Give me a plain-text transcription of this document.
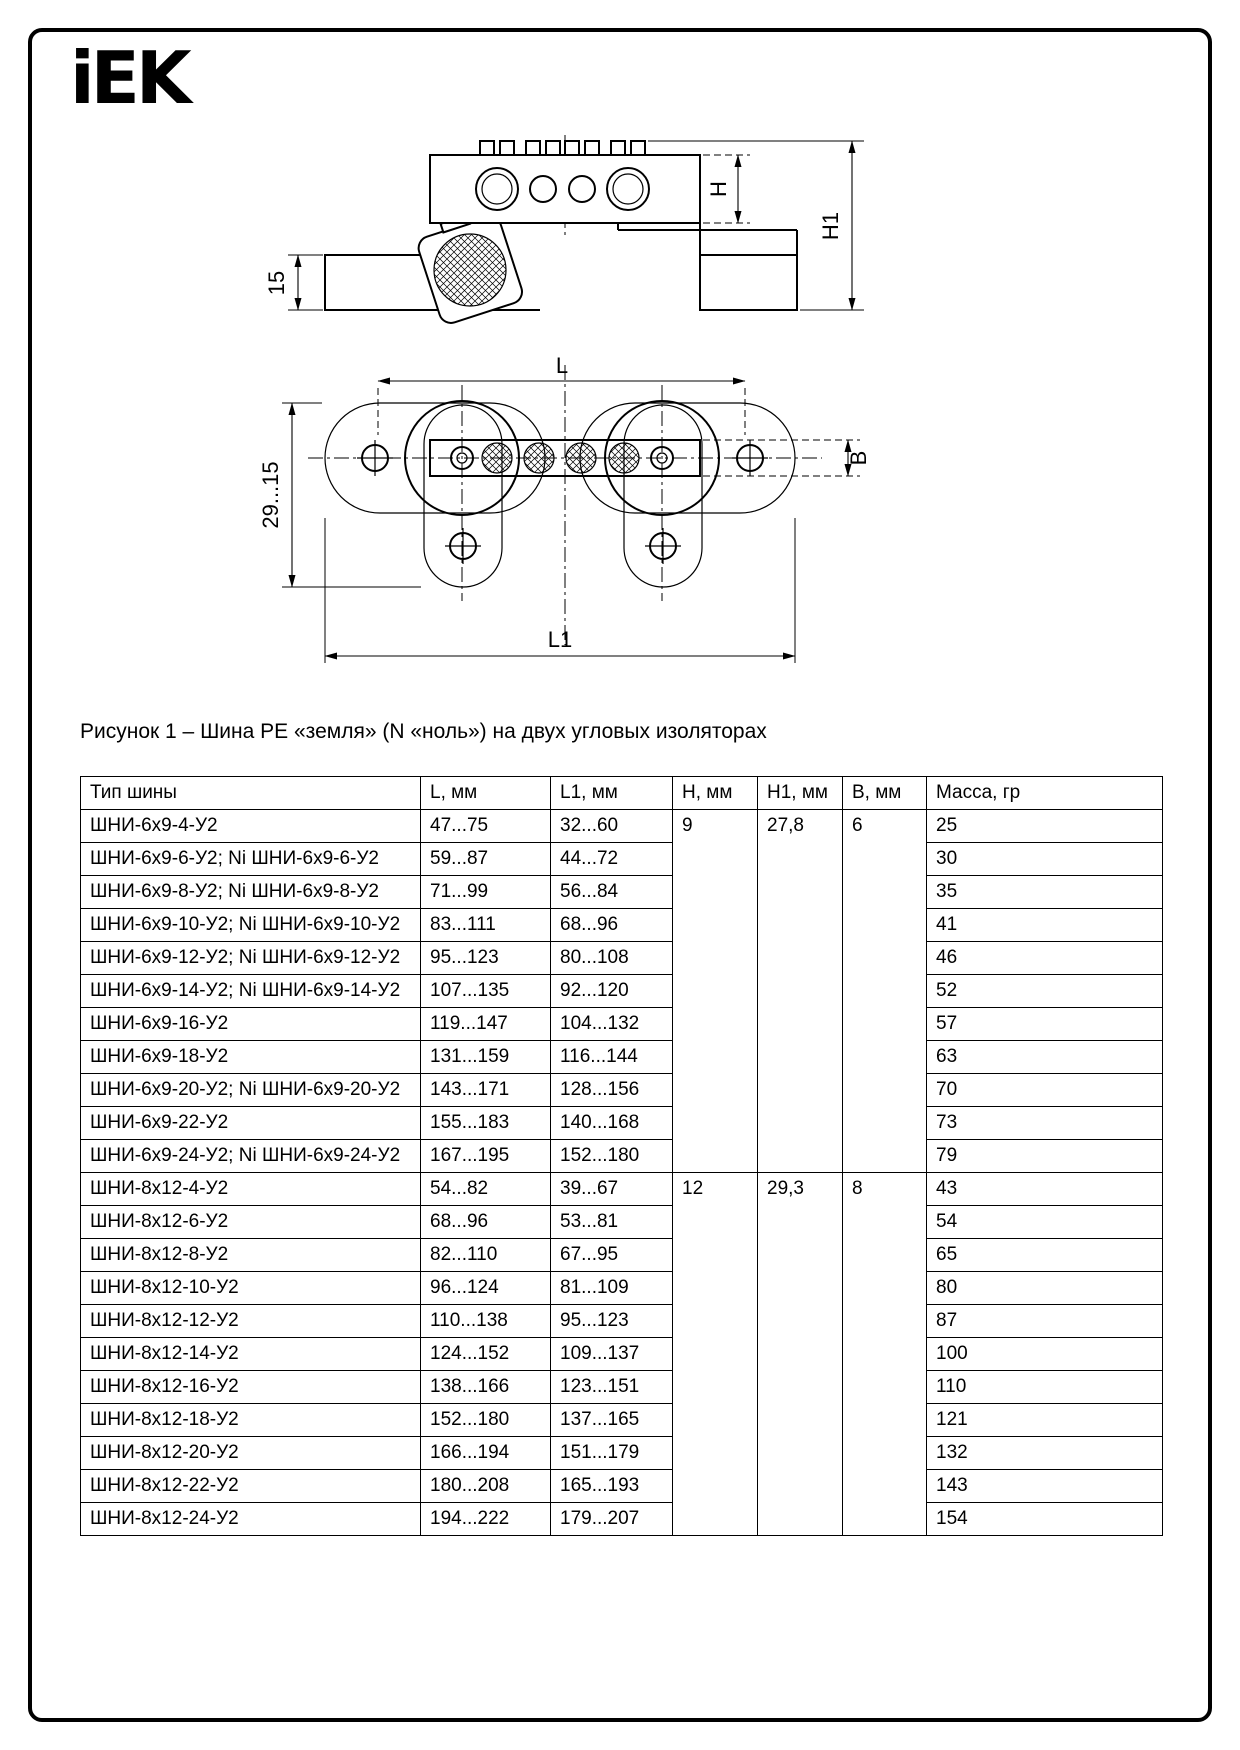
iEK
15
H
H1
L
29...15
B
L1
Рисунок 1 – Шина PE «земля» (N «ноль») на двух угловых изоляторах
Тип шины	L, мм	L1, мм	H, мм	H1, мм	B, мм	Масса, гр
ШНИ-6x9-4-У2	47...75	32...60	9	27,8	6	25
ШНИ-6x9-6-У2; Ni ШНИ-6x9-6-У2	59...87	44...72				30
ШНИ-6x9-8-У2; Ni ШНИ-6x9-8-У2	71...99	56...84				35
ШНИ-6x9-10-У2; Ni ШНИ-6x9-10-У2	83...111	68...96				41
ШНИ-6x9-12-У2; Ni ШНИ-6x9-12-У2	95...123	80...108				46
ШНИ-6x9-14-У2; Ni ШНИ-6x9-14-У2	107...135	92...120				52
ШНИ-6x9-16-У2	119...147	104...132				57
ШНИ-6x9-18-У2	131...159	116...144				63
ШНИ-6x9-20-У2; Ni ШНИ-6x9-20-У2	143...171	128...156				70
ШНИ-6x9-22-У2	155...183	140...168				73
ШНИ-6x9-24-У2; Ni ШНИ-6x9-24-У2	167...195	152...180				79
ШНИ-8x12-4-У2	54...82	39...67	12	29,3	8	43
ШНИ-8x12-6-У2	68...96	53...81				54
ШНИ-8x12-8-У2	82...110	67...95				65
ШНИ-8x12-10-У2	96...124	81...109				80
ШНИ-8x12-12-У2	110...138	95...123				87
ШНИ-8x12-14-У2	124...152	109...137				100
ШНИ-8x12-16-У2	138...166	123...151				110
ШНИ-8x12-18-У2	152...180	137...165				121
ШНИ-8x12-20-У2	166...194	151...179				132
ШНИ-8x12-22-У2	180...208	165...193				143
ШНИ-8x12-24-У2	194...222	179...207				154
